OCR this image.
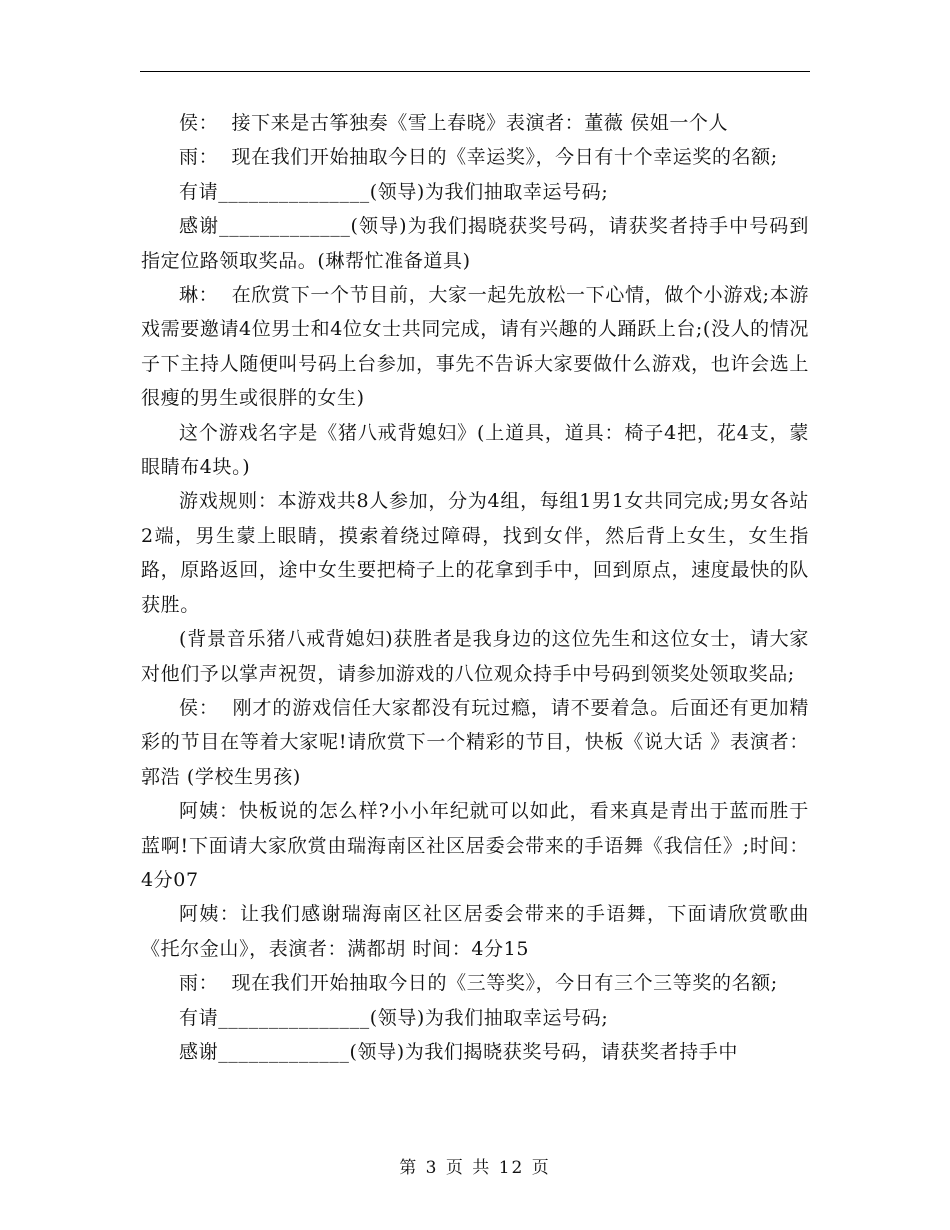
侯：  接下来是古筝独奏《雪上春晓》表演者：董薇 侯姐一个人

雨：  现在我们开始抽取今日的《幸运奖》，今日有十个幸运奖的名额;

有请_______________(领导)为我们抽取幸运号码;

感谢_____________(领导)为我们揭晓获奖号码，请获奖者持手中号码到指定位路领取奖品。(琳帮忙准备道具)

琳：  在欣赏下一个节目前，大家一起先放松一下心情，做个小游戏;本游戏需要邀请4位男士和4位女士共同完成，请有兴趣的人踊跃上台;(没人的情况子下主持人随便叫号码上台参加，事先不告诉大家要做什么游戏，也许会选上很瘦的男生或很胖的女生)

这个游戏名字是《猪八戒背媳妇》(上道具，道具：椅子4把，花4支，蒙眼睛布4块。)

游戏规则：本游戏共8人参加，分为4组，每组1男1女共同完成;男女各站2端，男生蒙上眼睛，摸索着绕过障碍，找到女伴，然后背上女生，女生指路，原路返回，途中女生要把椅子上的花拿到手中，回到原点，速度最快的队获胜。

(背景音乐猪八戒背媳妇)获胜者是我身边的这位先生和这位女士，请大家对他们予以掌声祝贺，请参加游戏的八位观众持手中号码到领奖处领取奖品;

侯：  刚才的游戏信任大家都没有玩过瘾，请不要着急。后面还有更加精彩的节目在等着大家呢!请欣赏下一个精彩的节目，快板《说大话 》表演者：郭浩 (学校生男孩)

阿姨：快板说的怎么样?小小年纪就可以如此，看来真是青出于蓝而胜于蓝啊!下面请大家欣赏由瑞海南区社区居委会带来的手语舞《我信任》;时间：4分07

阿姨：让我们感谢瑞海南区社区居委会带来的手语舞，下面请欣赏歌曲《托尔金山》，表演者：满都胡 时间：4分15

雨：  现在我们开始抽取今日的《三等奖》，今日有三个三等奖的名额;

有请_______________(领导)为我们抽取幸运号码;

感谢_____________(领导)为我们揭晓获奖号码，请获奖者持手中

第 3 页 共 12 页
